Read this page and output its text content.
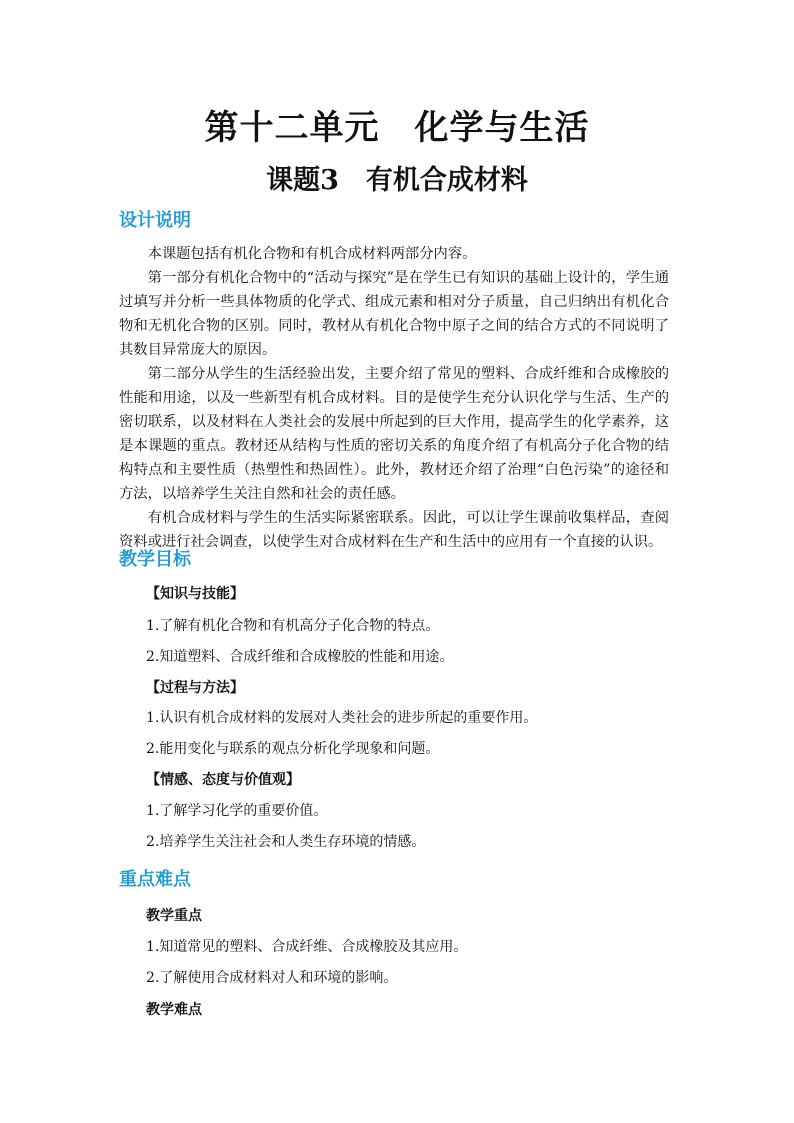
第十二单元　化学与生活
课题3　有机合成材料
设计说明

本课题包括有机化合物和有机合成材料两部分内容。

第一部分有机化合物中的“活动与探究”是在学生已有知识的基础上设计的，学生通过填写并分析一些具体物质的化学式、组成元素和相对分子质量，自己归纳出有机化合物和无机化合物的区别。同时，教材从有机化合物中原子之间的结合方式的不同说明了其数目异常庞大的原因。

第二部分从学生的生活经验出发，主要介绍了常见的塑料、合成纤维和合成橡胶的性能和用途，以及一些新型有机合成材料。目的是使学生充分认识化学与生活、生产的密切联系，以及材料在人类社会的发展中所起到的巨大作用，提高学生的化学素养，这是本课题的重点。教材还从结构与性质的密切关系的角度介绍了有机高分子化合物的结构特点和主要性质（热塑性和热固性）。此外，教材还介绍了治理“白色污染”的途径和方法，以培养学生关注自然和社会的责任感。

有机合成材料与学生的生活实际紧密联系。因此，可以让学生课前收集样品，查阅资料或进行社会调查，以使学生对合成材料在生产和生活中的应用有一个直接的认识。

教学目标
【知识与技能】
1.了解有机化合物和有机高分子化合物的特点。
2.知道塑料、合成纤维和合成橡胶的性能和用途。
【过程与方法】
1.认识有机合成材料的发展对人类社会的进步所起的重要作用。
2.能用变化与联系的观点分析化学现象和问题。
【情感、态度与价值观】
1.了解学习化学的重要价值。
2.培养学生关注社会和人类生存环境的情感。
重点难点
教学重点
1.知道常见的塑料、合成纤维、合成橡胶及其应用。
2.了解使用合成材料对人和环境的影响。
教学难点
